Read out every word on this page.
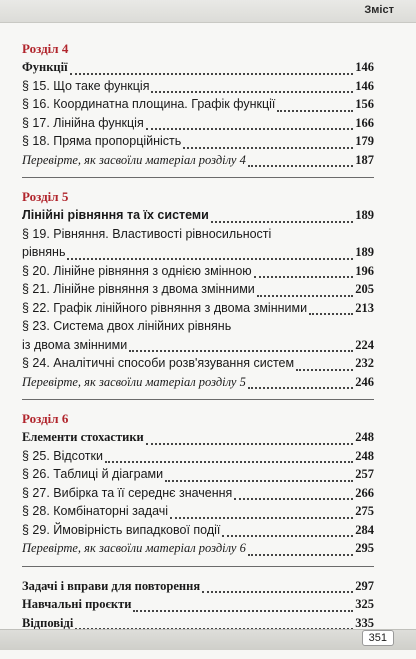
Зміст
Розділ 4
Функції	146
§ 15. Що таке функція	146
§ 16. Координатна площина. Графік функції	156
§ 17. Лінійна функція	166
§ 18. Пряма пропорційність	179
Перевірте, як засвоїли матеріал розділу 4	187
Розділ 5
Лінійні рівняння та їх системи	189
§ 19. Рівняння. Властивості рівносильності
рівнянь	189
§ 20. Лінійне рівняння з однією змінною	196
§ 21. Лінійне рівняння з двома змінними	205
§ 22. Графік лінійного рівняння з двома змінними	213
§ 23. Система двох лінійних рівнянь
із двома змінними	224
§ 24. Аналітичні способи розв'язування систем	232
Перевірте, як засвоїли матеріал розділу 5	246
Розділ 6
Елементи стохастики	248
§ 25. Відсотки	248
§ 26. Таблиці й діаграми	257
§ 27. Вибірка та її середнє значення	266
§ 28. Комбінаторні задачі	275
§ 29. Ймовірність випадкової події	284
Перевірте, як засвоїли матеріал розділу 6	295
Задачі і вправи для повторення	297
Навчальні проєкти	325
Відповіді	335
351
